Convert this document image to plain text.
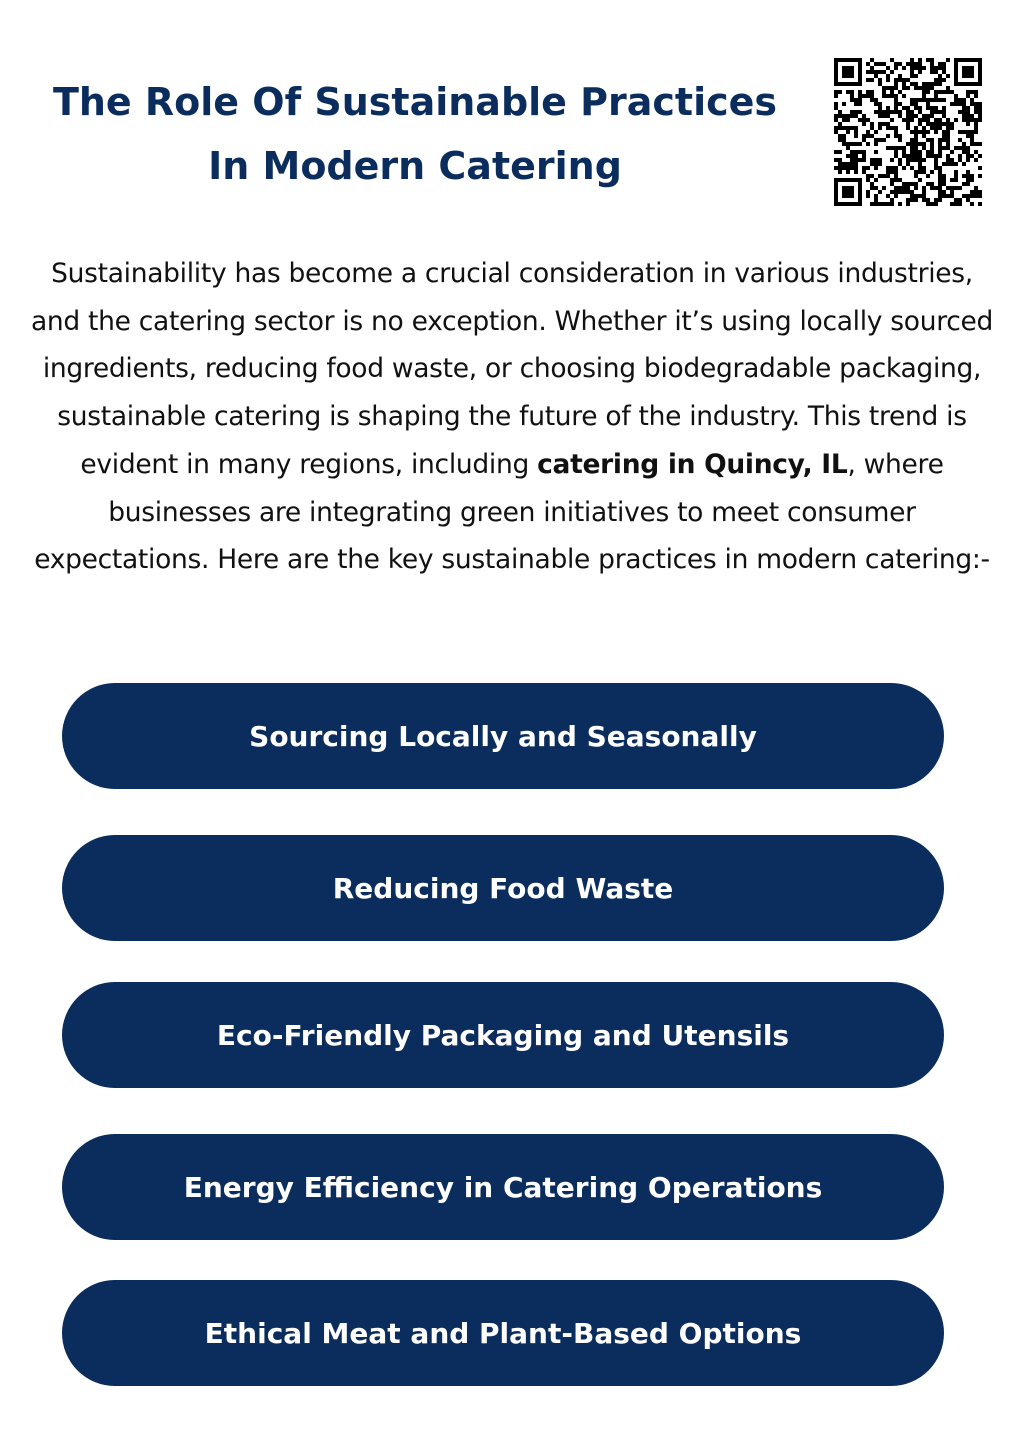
The Role Of Sustainable Practices
In Modern Catering

Sustainability has become a crucial consideration in various industries, and the catering sector is no exception. Whether it’s using locally sourced ingredients, reducing food waste, or choosing biodegradable packaging, sustainable catering is shaping the future of the industry. This trend is evident in many regions, including catering in Quincy, IL, where businesses are integrating green initiatives to meet consumer expectations. Here are the key sustainable practices in modern catering:-

Sourcing Locally and Seasonally
Reducing Food Waste
Eco-Friendly Packaging and Utensils
Energy Efficiency in Catering Operations
Ethical Meat and Plant-Based Options
